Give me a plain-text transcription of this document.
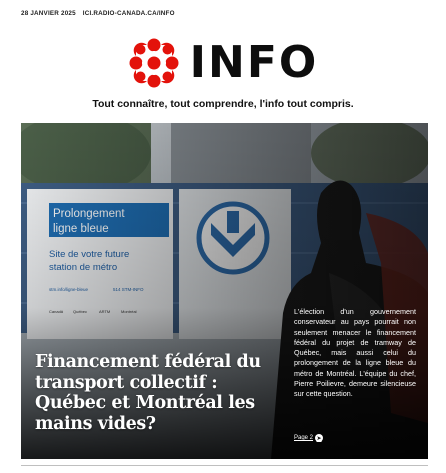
28 JANVIER 2025 ICI.RADIO-CANADA.CA/INFO
INFO
Tout connaître, tout comprendre, l'info tout compris.
Financement fédéral du transport collectif : Québec et Montréal les mains vides?
L'élection d'un gouvernement conservateur au pays pourrait non seulement menacer le financement fédéral du projet de tramway de Québec, mais aussi celui du prolongement de la ligne bleue du métro de Montréal. L'équipe du chef, Pierre Poilievre, demeure silencieuse sur cette question.
Page 2 ➤
